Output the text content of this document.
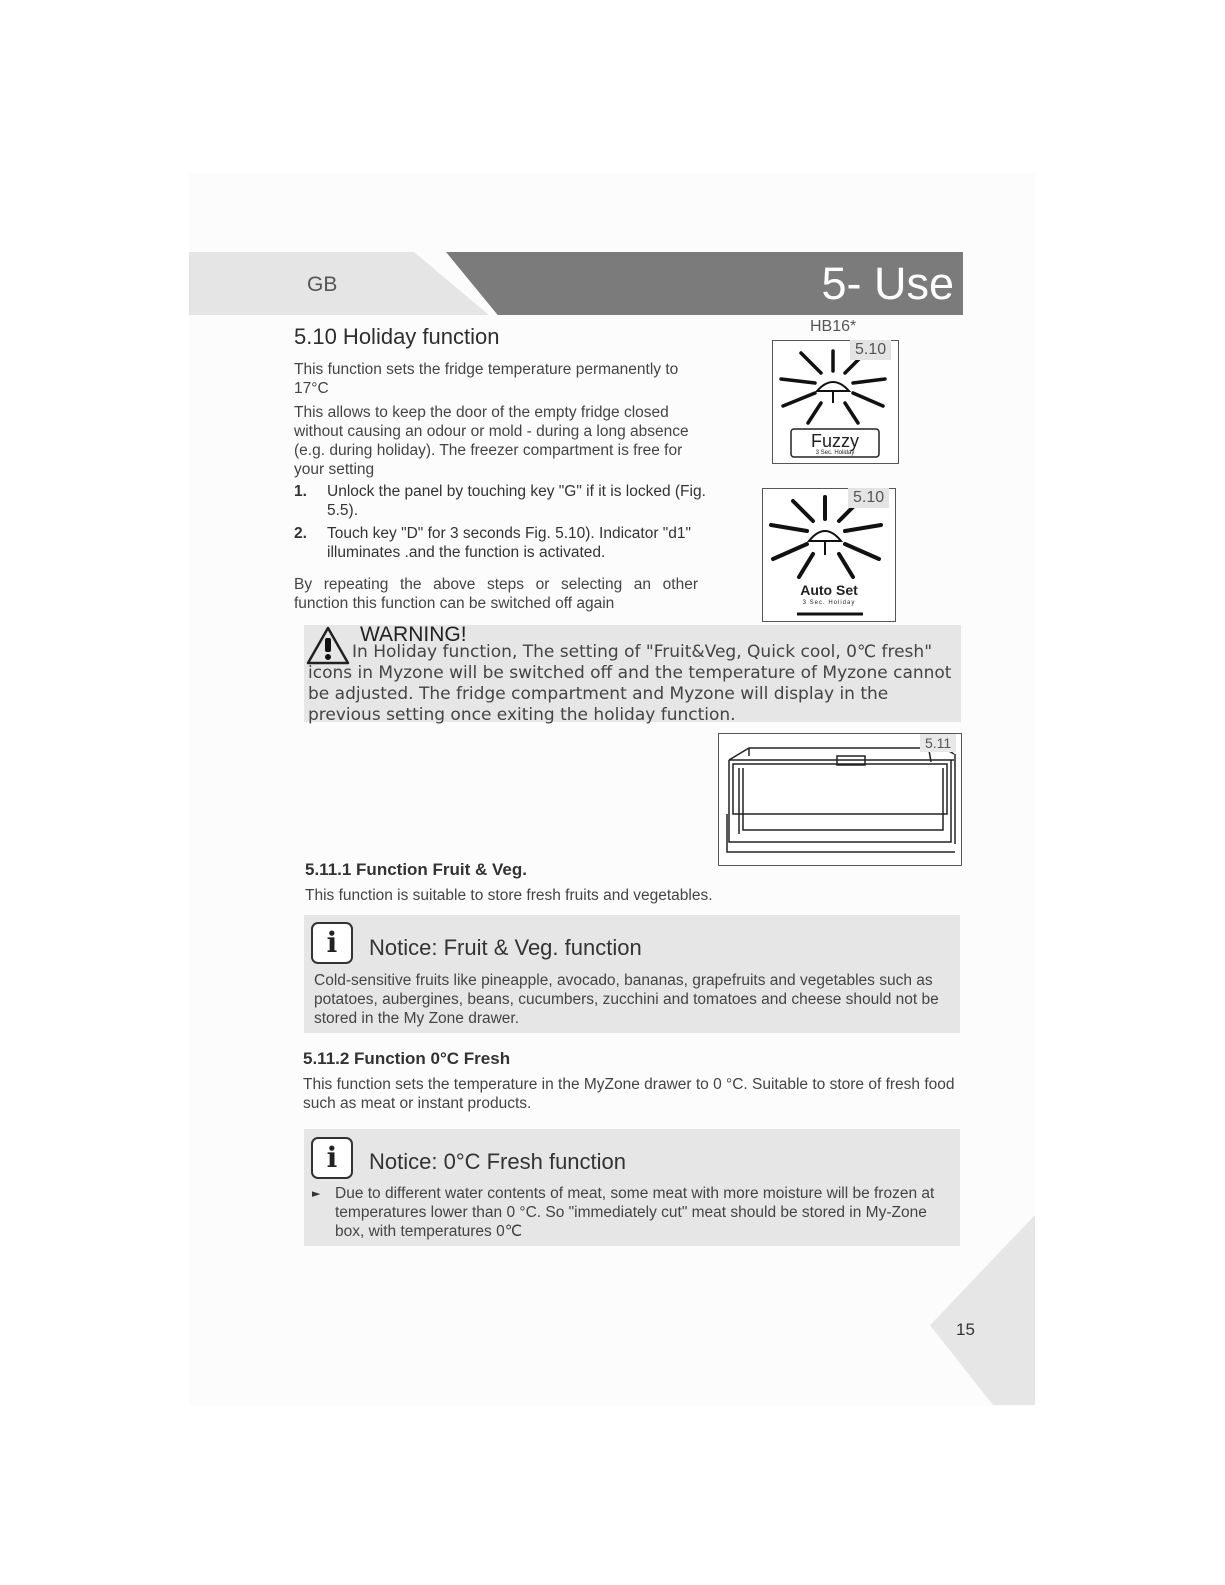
GB	5- Use
5.10 Holiday function

This function sets the fridge temperature permanently to 17°C

This allows to keep the door of the empty fridge closed without causing an odour or mold - during a long absence (e.g. during holiday). The freezer compartment is free for your setting

1. Unlock the panel by touching key "G" if it is locked (Fig. 5.5).
2. Touch key "D" for 3 seconds Fig. 5.10). Indicator "d1" illuminates .and the function is activated.
By repeating the above steps or selecting an other function this function can be switched off again
HB16*
Fuzzy
3 Sec. Holiday
5.10
Auto Set
3 Sec. Holiday
5.10
WARNING!
In Holiday function, The setting of "Fruit&Veg, Quick cool, 0℃ fresh" icons in Myzone will be switched off and the temperature of Myzone cannot be adjusted. The fridge compartment and Myzone will display in the previous setting once exiting the holiday function.
5.11
5.11.1 Function Fruit & Veg.
This function is suitable to store fresh fruits and vegetables.
i	Notice: Fruit & Veg. function
Cold-sensitive fruits like pineapple, avocado, bananas, grapefruits and vegetables such as potatoes, aubergines, beans, cucumbers, zucchini and tomatoes and cheese should not be stored in the My Zone drawer.
5.11.2 Function 0°C Fresh
This function sets the temperature in the MyZone drawer to 0 °C. Suitable to store of fresh food such as meat or instant products.
i	Notice: 0°C Fresh function
► Due to different water contents of meat, some meat with more moisture will be frozen at temperatures lower than 0 °C. So "immediately cut" meat should be stored in My-Zone box, with temperatures 0℃
15
